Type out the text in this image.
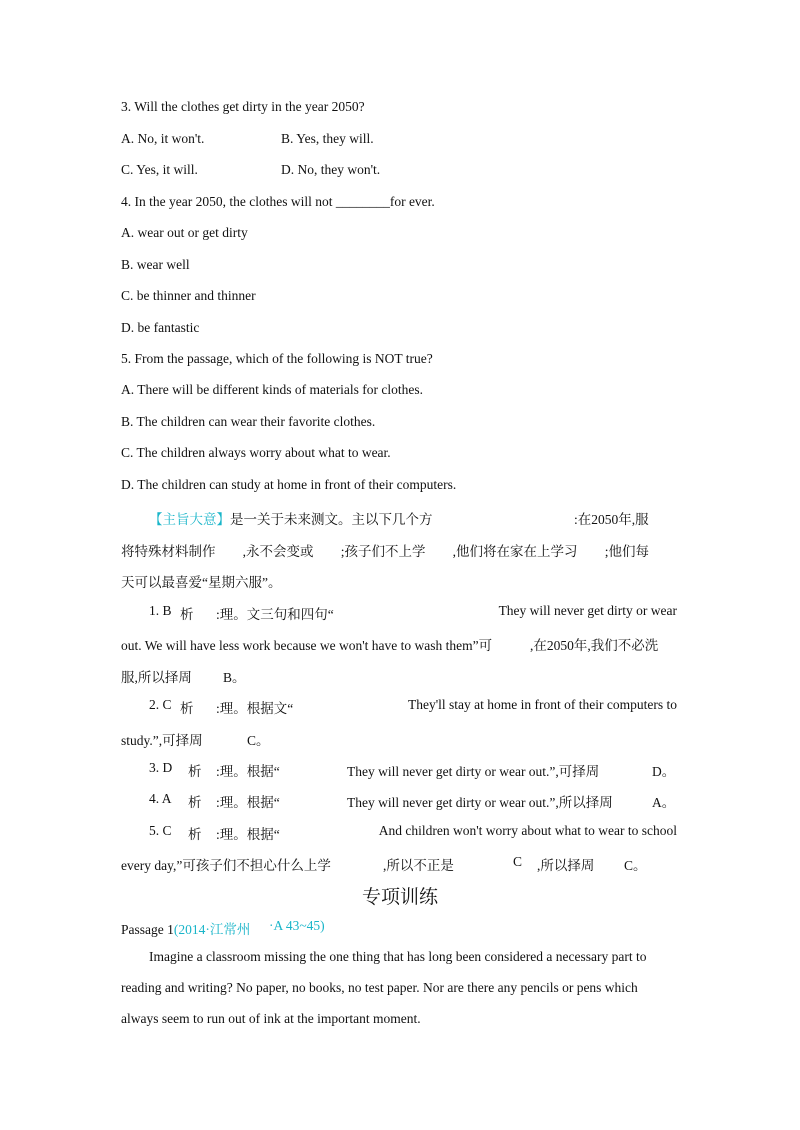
3. Will the clothes get dirty in the year 2050?
A. No, it won't.	B. Yes, they will.
C. Yes, it will.	D. No, they won't.
4. In the year 2050, the clothes will not ________for ever.
A. wear out or get dirty
B. wear well
C. be thinner and thinner
D. be fantastic
5. From the passage, which of the following is NOT true?
A. There will be different kinds of materials for clothes.
B. The children can wear their favorite clothes.
C. The children always worry about what to wear.
D. The children can study at home in front of their computers.
【主旨大意】是一关于未来测文。主以下几个方	:在2050年,服
将特殊材料制作 ,永不会变或 ;孩子们不上学 ,他们将在家在上学习 ;他们每
天可以最喜爱“星期六服”。
1. B 析 :理。文三句和四句“	They will never get dirty or wear
out. We will have less work because we won't have to wash them”可	,在2050年,我们不必洗
服,所以择周 B。
2. C 析 :理。根据文“	They'll stay at home in front of their computers to
study.”,可择周	C。
3. D 析 :理。根据“	They will never get dirty or wear out.”,可择周	D。
4. A 析 :理。根据“	They will never get dirty or wear out.”,所以择周	A。
5. C 析 :理。根据“	And children won't worry about what to wear to school
every day,”可孩子们不担心什么上学	,所以不正是	C ,所以择周 C。
专项训练
Passage 1(2014·江常州 ·A 43~45)
Imagine a classroom missing the one thing that has long been considered a necessary part to
reading and writing? No paper, no books, no test paper. Nor are there any pencils or pens which
always seem to run out of ink at the important moment.
